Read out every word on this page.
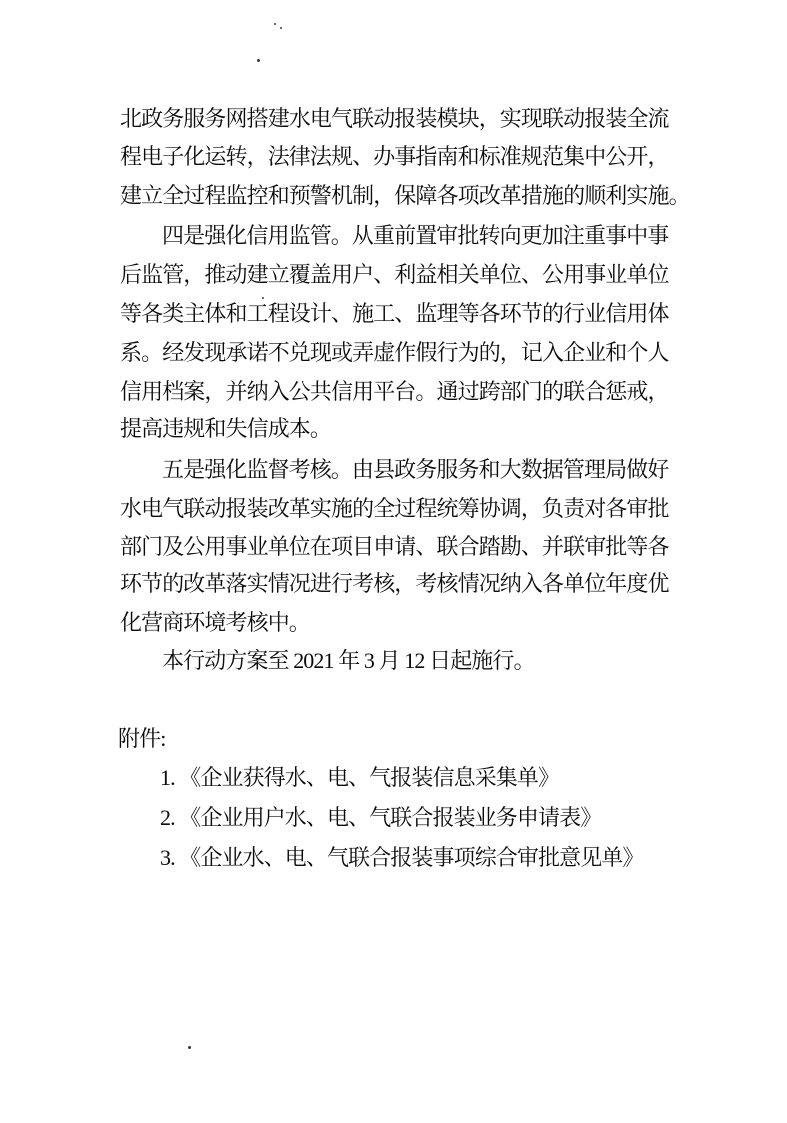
北政务服务网搭建水电气联动报装模块，实现联动报装全流
程电子化运转，法律法规、办事指南和标准规范集中公开，
建立全过程监控和预警机制，保障各项改革措施的顺利实施。
四是强化信用监管。从重前置审批转向更加注重事中事
后监管，推动建立覆盖用户、利益相关单位、公用事业单位
等各类主体和工程设计、施工、监理等各环节的行业信用体
系。经发现承诺不兑现或弄虚作假行为的，记入企业和个人
信用档案，并纳入公共信用平台。通过跨部门的联合惩戒，
提高违规和失信成本。
五是强化监督考核。由县政务服务和大数据管理局做好
水电气联动报装改革实施的全过程统筹协调，负责对各审批
部门及公用事业单位在项目申请、联合踏勘、并联审批等各
环节的改革落实情况进行考核，考核情况纳入各单位年度优
化营商环境考核中。
本行动方案至 2021 年 3 月 12 日起施行。
附件:
1. 《企业获得水、电、气报装信息采集单》
2. 《企业用户水、电、气联合报装业务申请表》
3. 《企业水、电、气联合报装事项综合审批意见单》
